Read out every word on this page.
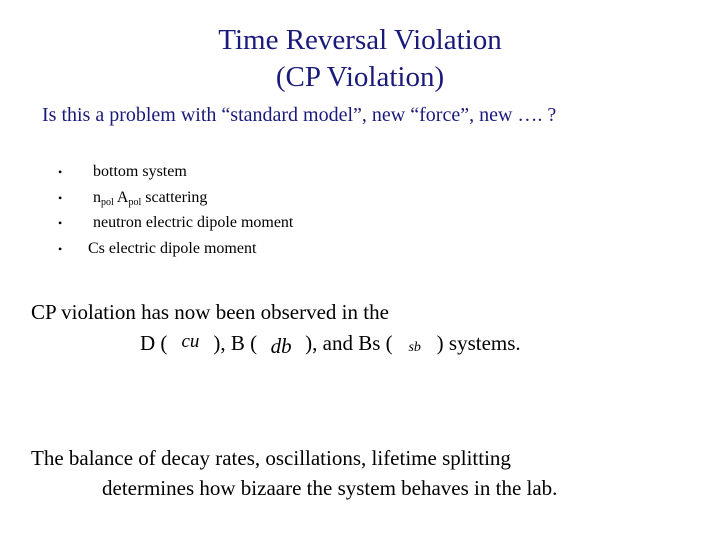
Time Reversal Violation
(CP Violation)
Is this a problem with “standard model”, new “force”, new …. ?
• bottom system
• $n_{pol}$ $A_{pol}$ scattering
• neutron electric dipole moment
• Cs electric dipole moment
CP violation has now been observed in the
D ( cu ), B ( db ), and Bs ( sb ) systems.
The balance of decay rates, oscillations, lifetime splitting
determines how bizaare the system behaves in the lab.
